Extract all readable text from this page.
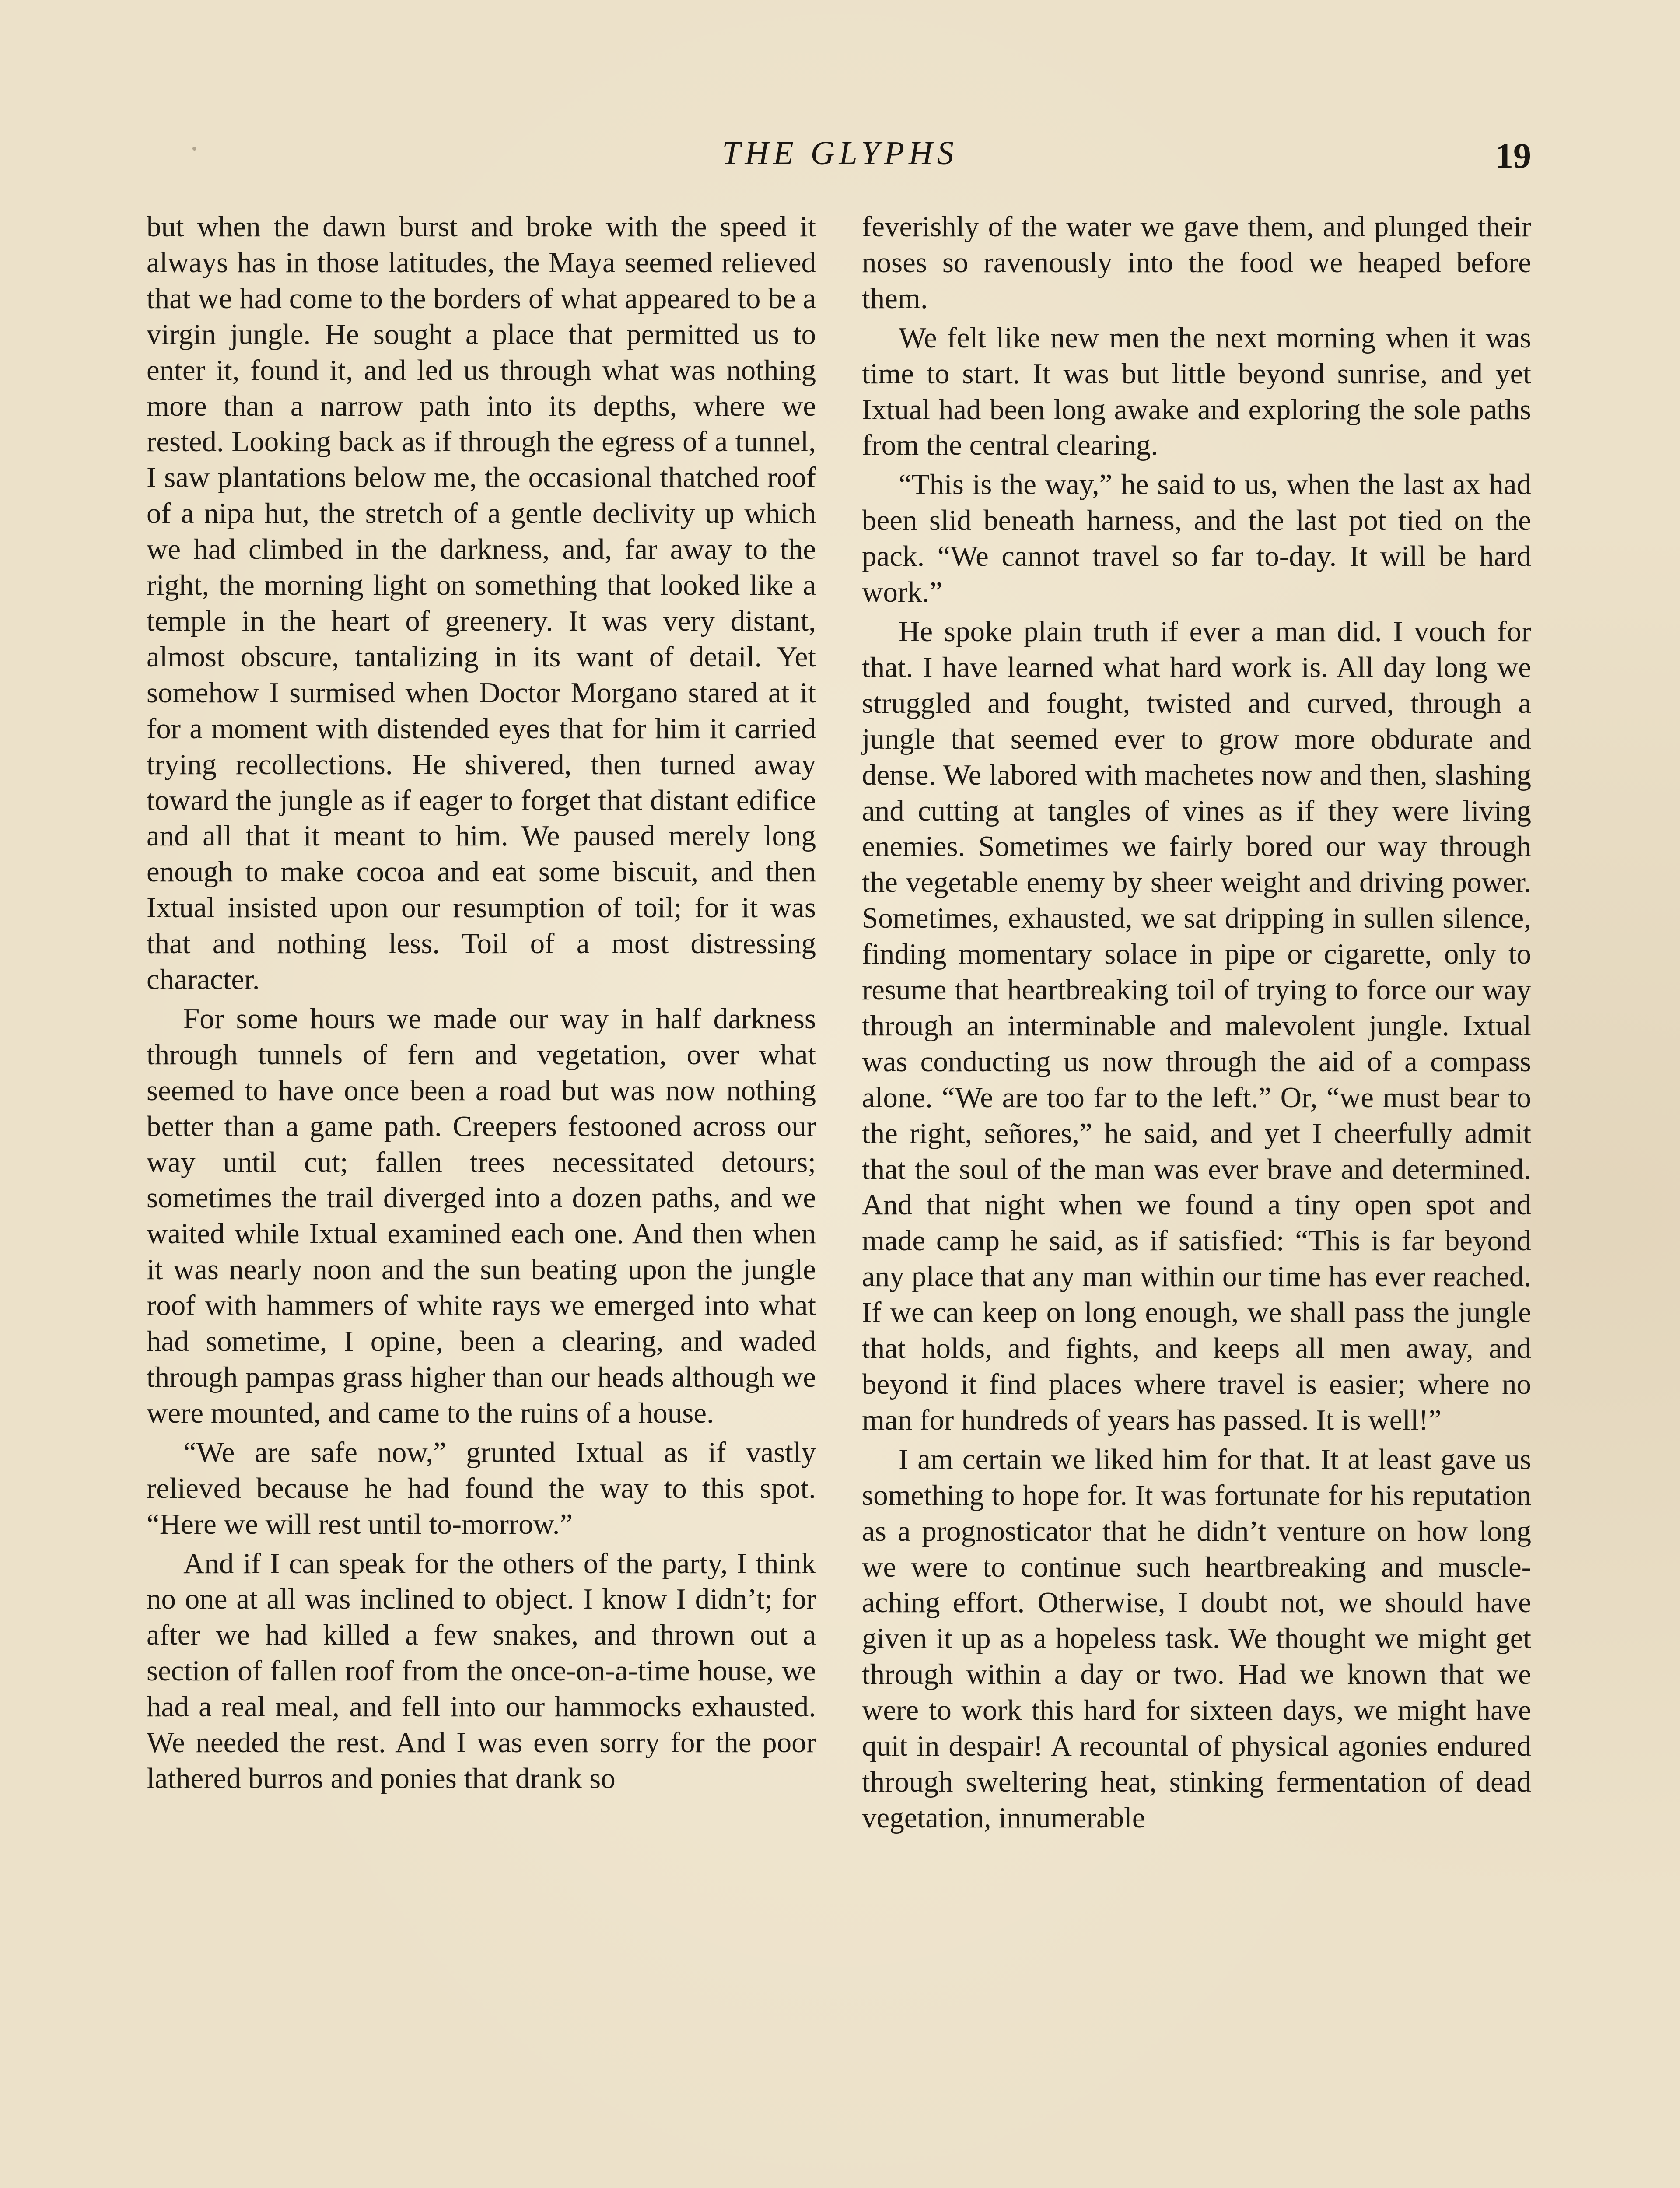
THE GLYPHS	19

but when the dawn burst and broke with the speed it always has in those latitudes, the Maya seemed relieved that we had come to the borders of what appeared to be a virgin jungle. He sought a place that permitted us to enter it, found it, and led us through what was nothing more than a narrow path into its depths, where we rested. Looking back as if through the egress of a tunnel, I saw plantations below me, the occasional thatched roof of a nipa hut, the stretch of a gentle declivity up which we had climbed in the darkness, and, far away to the right, the morning light on something that looked like a temple in the heart of greenery. It was very distant, almost obscure, tantalizing in its want of detail. Yet somehow I surmised when Doctor Morgano stared at it for a moment with distended eyes that for him it carried trying recollections. He shivered, then turned away toward the jungle as if eager to forget that distant edifice and all that it meant to him. We paused merely long enough to make cocoa and eat some biscuit, and then Ixtual insisted upon our resumption of toil; for it was that and nothing less. Toil of a most distressing character.

For some hours we made our way in half darkness through tunnels of fern and vegetation, over what seemed to have once been a road but was now nothing better than a game path. Creepers festooned across our way until cut; fallen trees necessitated detours; sometimes the trail diverged into a dozen paths, and we waited while Ixtual examined each one. And then when it was nearly noon and the sun beating upon the jungle roof with hammers of white rays we emerged into what had sometime, I opine, been a clearing, and waded through pampas grass higher than our heads although we were mounted, and came to the ruins of a house.

“We are safe now,” grunted Ixtual as if vastly relieved because he had found the way to this spot. “Here we will rest until to-morrow.”

And if I can speak for the others of the party, I think no one at all was inclined to object. I know I didn’t; for after we had killed a few snakes, and thrown out a section of fallen roof from the once-on-a-time house, we had a real meal, and fell into our hammocks exhausted. We needed the rest. And I was even sorry for the poor lathered burros and ponies that drank so

feverishly of the water we gave them, and plunged their noses so ravenously into the food we heaped before them.

We felt like new men the next morning when it was time to start. It was but little beyond sunrise, and yet Ixtual had been long awake and exploring the sole paths from the central clearing.

“This is the way,” he said to us, when the last ax had been slid beneath harness, and the last pot tied on the pack. “We cannot travel so far to-day. It will be hard work.”

He spoke plain truth if ever a man did. I vouch for that. I have learned what hard work is. All day long we struggled and fought, twisted and curved, through a jungle that seemed ever to grow more obdurate and dense. We labored with machetes now and then, slashing and cutting at tangles of vines as if they were living enemies. Sometimes we fairly bored our way through the vegetable enemy by sheer weight and driving power. Sometimes, exhausted, we sat dripping in sullen silence, finding momentary solace in pipe or cigarette, only to resume that heartbreaking toil of trying to force our way through an interminable and malevolent jungle. Ixtual was conducting us now through the aid of a compass alone. “We are too far to the left.” Or, “we must bear to the right, señores,” he said, and yet I cheerfully admit that the soul of the man was ever brave and determined. And that night when we found a tiny open spot and made camp he said, as if satisfied: “This is far beyond any place that any man within our time has ever reached. If we can keep on long enough, we shall pass the jungle that holds, and fights, and keeps all men away, and beyond it find places where travel is easier; where no man for hundreds of years has passed. It is well!”

I am certain we liked him for that. It at least gave us something to hope for. It was fortunate for his reputation as a prognosticator that he didn’t venture on how long we were to continue such heartbreaking and muscle-aching effort. Otherwise, I doubt not, we should have given it up as a hopeless task. We thought we might get through within a day or two. Had we known that we were to work this hard for sixteen days, we might have quit in despair! A recountal of physical agonies endured through sweltering heat, stinking fermentation of dead vegetation, innumerable
